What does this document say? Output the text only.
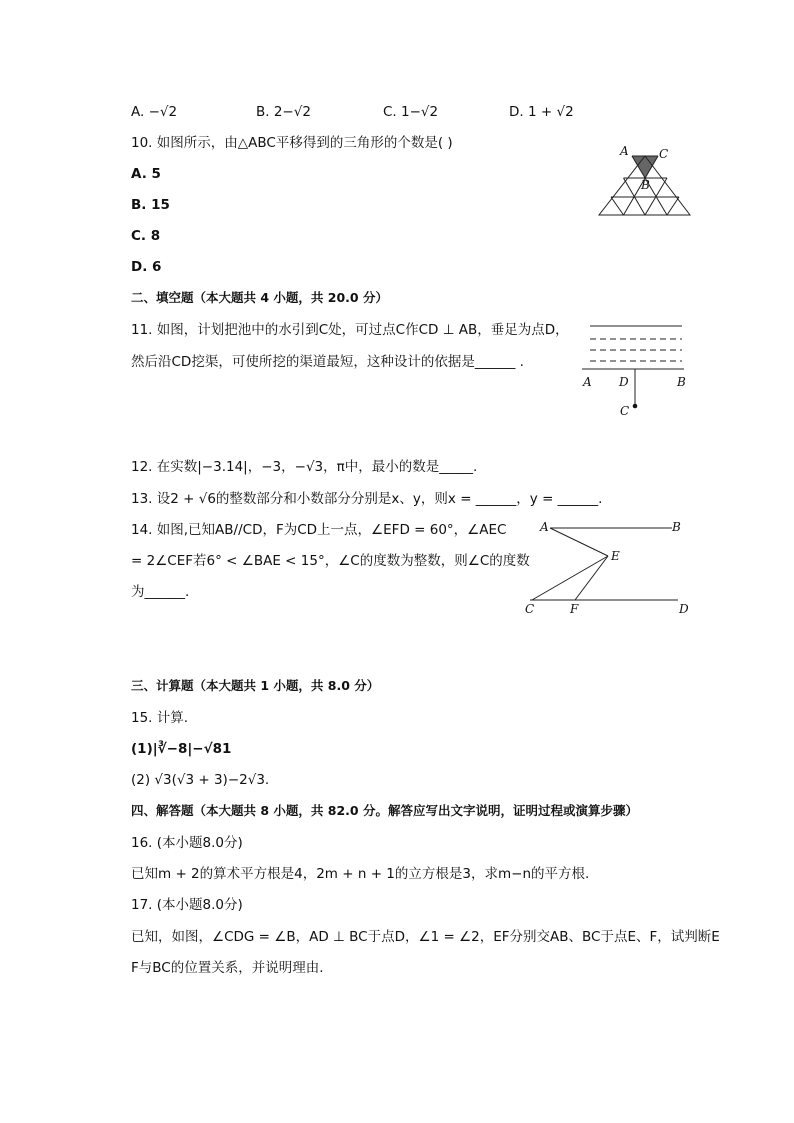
A. −√2	B. 2−√2	C. 1−√2	D. 1 + √2
10. 如图所示，由△ABC平移得到的三角形的个数是( )
A. 5
B. 15
C. 8
D. 6
A	C
B
二、填空题（本大题共 4 小题，共 20.0 分）
11. 如图，计划把池中的水引到C处，可过点C作CD ⊥ AB，垂足为点D，
然后沿CD挖渠，可使所挖的渠道最短，这种设计的依据是______ .
A D	B
C
12. 在实数|−3.14|，−3，−√3，π中，最小的数是_____.
13. 设2 + √6的整数部分和小数部分分别是x、y，则x = ______，y = ______.
14. 如图,已知AB//CD，F为CD上一点，∠EFD = 60°，∠AEC
= 2∠CEF若6° < ∠BAE < 15°，∠C的度数为整数，则∠C的度数
为______.
A	B
E
C	F	D
三、计算题（本大题共 1 小题，共 8.0 分）
15. 计算.
(1)|∛−8|−√81
(2) √3(√3 + 3)−2√3.
四、解答题（本大题共 8 小题，共 82.0 分。解答应写出文字说明，证明过程或演算步骤）
16. (本小题8.0分)
已知m + 2的算术平方根是4，2m + n + 1的立方根是3，求m−n的平方根.
17. (本小题8.0分)
已知，如图，∠CDG = ∠B，AD ⊥ BC于点D，∠1 = ∠2，EF分别交AB、BC于点E、F，试判断E
F与BC的位置关系，并说明理由.
